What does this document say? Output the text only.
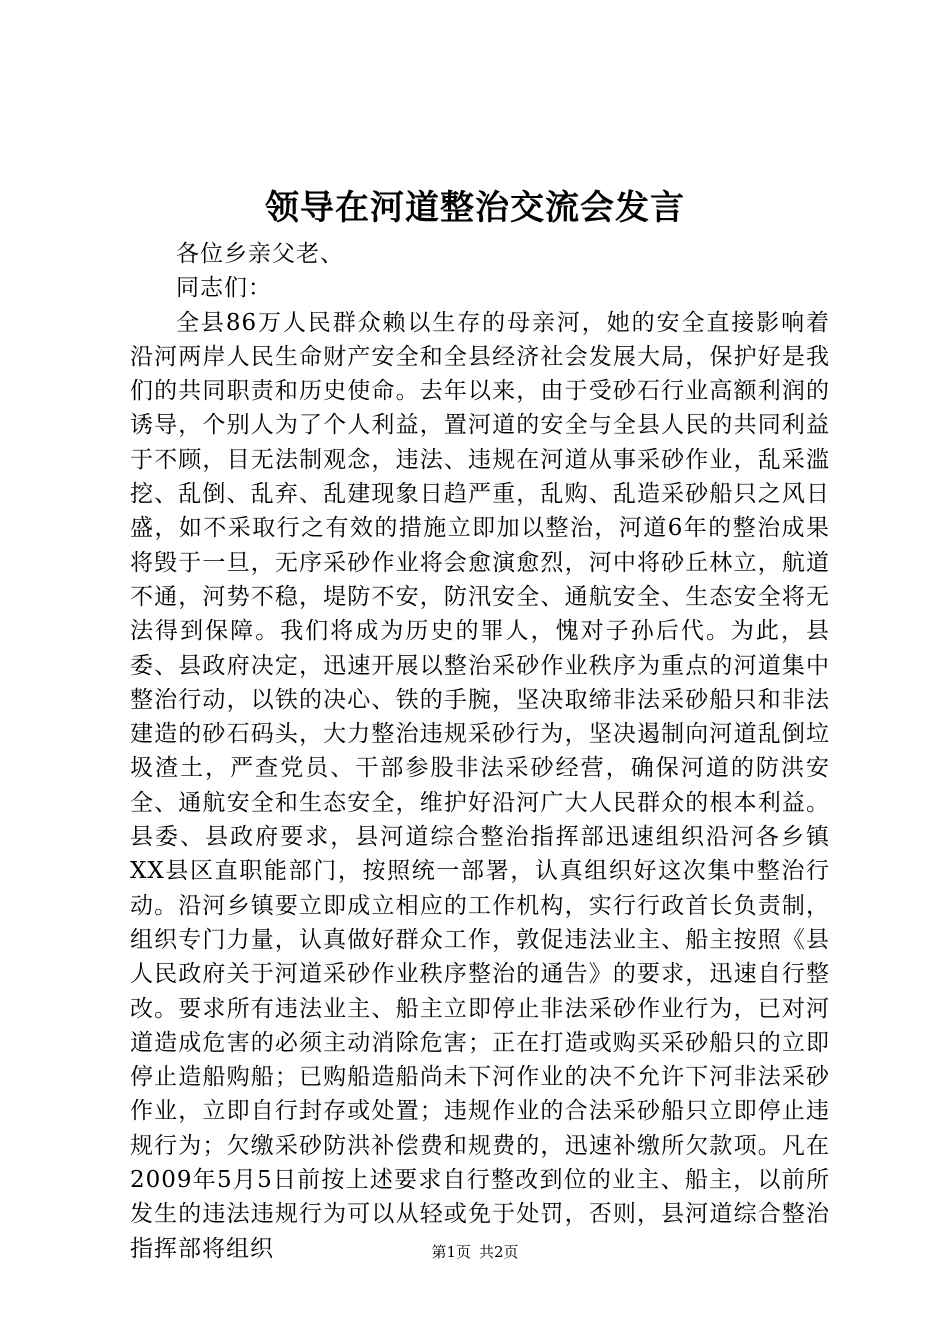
领导在河道整治交流会发言

各位乡亲父老、

同志们：

全县86万人民群众赖以生存的母亲河，她的安全直接影响着沿河两岸人民生命财产安全和全县经济社会发展大局，保护好是我们的共同职责和历史使命。去年以来，由于受砂石行业高额利润的诱导，个别人为了个人利益，置河道的安全与全县人民的共同利益于不顾，目无法制观念，违法、违规在河道从事采砂作业，乱采滥挖、乱倒、乱弃、乱建现象日趋严重，乱购、乱造采砂船只之风日盛，如不采取行之有效的措施立即加以整治，河道6年的整治成果将毁于一旦，无序采砂作业将会愈演愈烈，河中将砂丘林立，航道不通，河势不稳，堤防不安，防汛安全、通航安全、生态安全将无法得到保障。我们将成为历史的罪人，愧对子孙后代。为此，县委、县政府决定，迅速开展以整治采砂作业秩序为重点的河道集中整治行动，以铁的决心、铁的手腕，坚决取缔非法采砂船只和非法建造的砂石码头，大力整治违规采砂行为，坚决遏制向河道乱倒垃圾渣土，严查党员、干部参股非法采砂经营，确保河道的防洪安全、通航安全和生态安全，维护好沿河广大人民群众的根本利益。县委、县政府要求，县河道综合整治指挥部迅速组织沿河各乡镇XX县区直职能部门，按照统一部署，认真组织好这次集中整治行动。沿河乡镇要立即成立相应的工作机构，实行行政首长负责制，组织专门力量，认真做好群众工作，敦促违法业主、船主按照《县人民政府关于河道采砂作业秩序整治的通告》的要求，迅速自行整改。要求所有违法业主、船主立即停止非法采砂作业行为，已对河道造成危害的必须主动消除危害；正在打造或购买采砂船只的立即停止造船购船；已购船造船尚未下河作业的决不允许下河非法采砂作业，立即自行封存或处置；违规作业的合法采砂船只立即停止违规行为；欠缴采砂防洪补偿费和规费的，迅速补缴所欠款项。凡在2009年5月5日前按上述要求自行整改到位的业主、船主，以前所发生的违法违规行为可以从轻或免于处罚，否则，县河道综合整治指挥部将组织	第1页 共2页
